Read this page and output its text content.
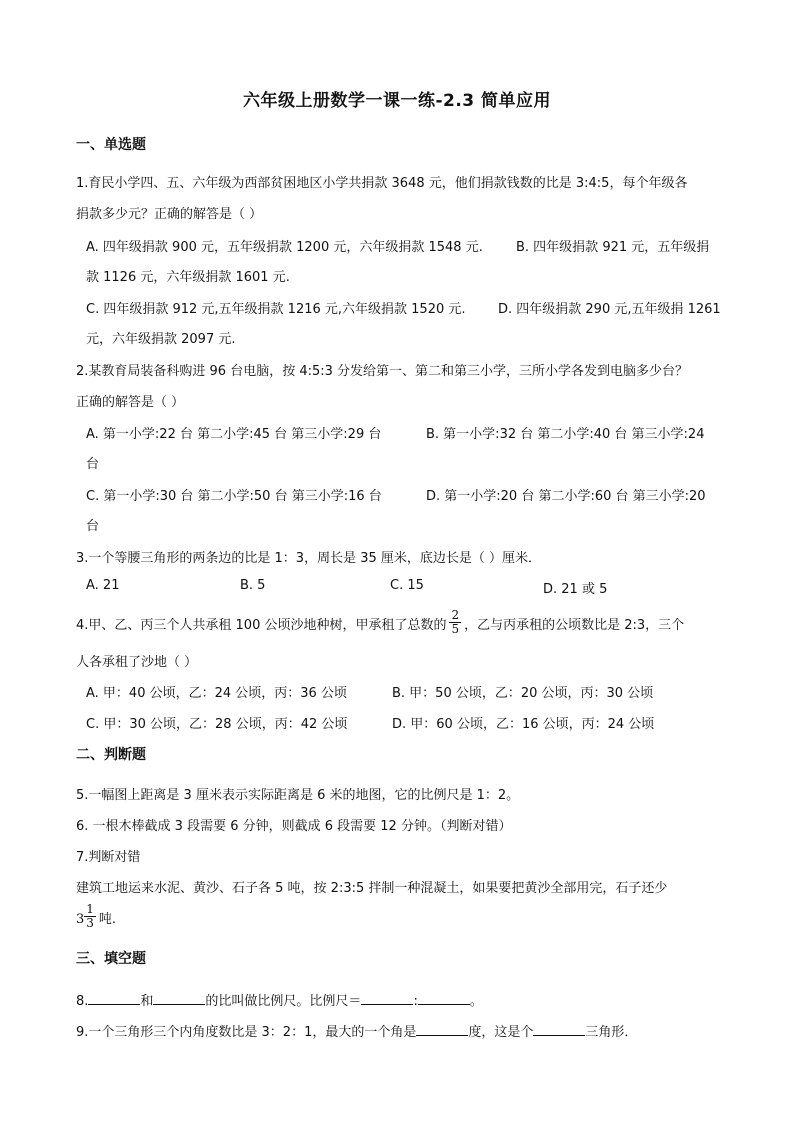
六年级上册数学一课一练-2.3 简单应用
一、单选题
1.育民小学四、五、六年级为西部贫困地区小学共捐款 3648 元，他们捐款钱数的比是 3:4:5，每个年级各
捐款多少元？正确的解答是（ ）
A. 四年级捐款 900 元，五年级捐款 1200 元，六年级捐款 1548 元.	B. 四年级捐款 921 元，五年级捐
款 1126 元，六年级捐款 1601 元.
C. 四年级捐款 912 元,五年级捐款 1216 元,六年级捐款 1520 元. D. 四年级捐款 290 元,五年级捐 1261
元，六年级捐款 2097 元.
2.某教育局装备科购进 96 台电脑，按 4:5:3 分发给第一、第二和第三小学，三所小学各发到电脑多少台？
正确的解答是（ ）
A. 第一小学:22 台 第二小学:45 台 第三小学:29 台	B. 第一小学:32 台 第二小学:40 台 第三小学:24
台
C. 第一小学:30 台 第二小学:50 台 第三小学:16 台	D. 第一小学:20 台 第二小学:60 台 第三小学:20
台
3.一个等腰三角形的两条边的比是 1：3，周长是 35 厘米，底边长是（ ）厘米．
A. 21	B. 5	C. 15	D. 21 或 5
4.甲、乙、丙三个人共承租 100 公顷沙地种树，甲承租了总数的 $\frac{2}{5}$ ，乙与丙承租的公顷数比是 2:3，三个
人各承租了沙地（ ）
A. 甲：40 公顷，乙：24 公顷，丙：36 公顷	B. 甲：50 公顷，乙：20 公顷，丙：30 公顷
C. 甲：30 公顷，乙：28 公顷，丙：42 公顷	D. 甲：60 公顷，乙：16 公顷，丙：24 公顷
二、判断题
5.一幅图上距离是 3 厘米表示实际距离是 6 米的地图，它的比例尺是 1：2。
6. 一根木棒截成 3 段需要 6 分钟，则截成 6 段需要 12 分钟。（判断对错）
7.判断对错
建筑工地运来水泥、黄沙、石子各 5 吨，按 2:3:5 拌制一种混凝土，如果要把黄沙全部用完，石子还少
$3 \frac{1}{3}$ 吨.
三、填空题
8.	和	的比叫做比例尺。比例尺＝	:	。
9.一个三角形三个内角度数比是 3：2：1，最大的一个角是	度，这是个	三角形．
